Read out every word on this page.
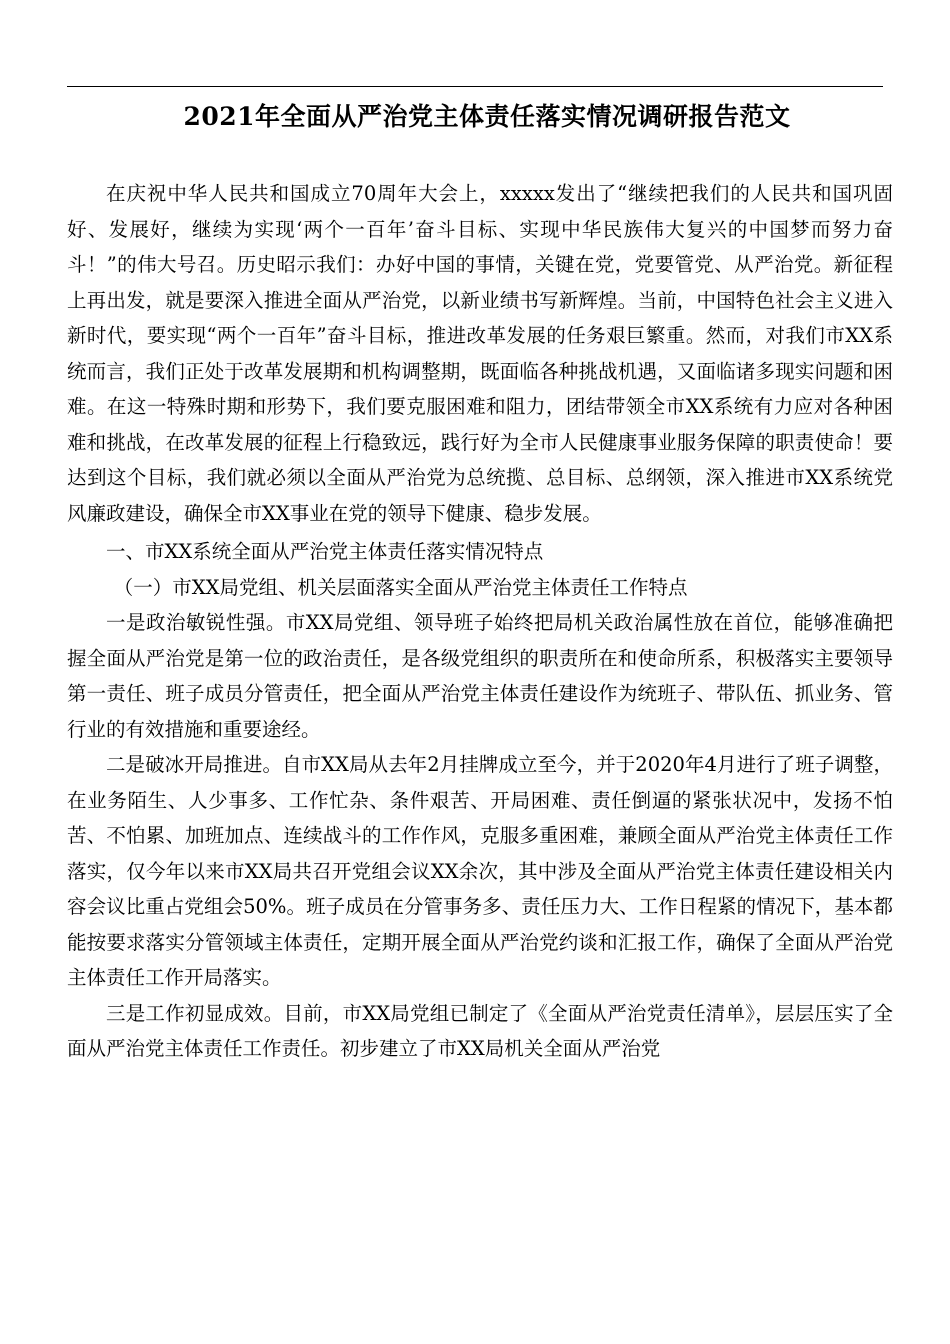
2021年全面从严治党主体责任落实情况调研报告范文

在庆祝中华人民共和国成立70周年大会上，xxxxx发出了“继续把我们的人民共和国巩固好、发展好，继续为实现‘两个一百年’奋斗目标、实现中华民族伟大复兴的中国梦而努力奋斗！”的伟大号召。历史昭示我们：办好中国的事情，关键在党，党要管党、从严治党。新征程上再出发，就是要深入推进全面从严治党，以新业绩书写新辉煌。当前，中国特色社会主义进入新时代，要实现“两个一百年”奋斗目标，推进改革发展的任务艰巨繁重。然而，对我们市XX系统而言，我们正处于改革发展期和机构调整期，既面临各种挑战机遇，又面临诸多现实问题和困难。在这一特殊时期和形势下，我们要克服困难和阻力，团结带领全市XX系统有力应对各种困难和挑战，在改革发展的征程上行稳致远，践行好为全市人民健康事业服务保障的职责使命！要达到这个目标，我们就必须以全面从严治党为总统揽、总目标、总纲领，深入推进市XX系统党风廉政建设，确保全市XX事业在党的领导下健康、稳步发展。

一、市XX系统全面从严治党主体责任落实情况特点

（一）市XX局党组、机关层面落实全面从严治党主体责任工作特点

一是政治敏锐性强。市XX局党组、领导班子始终把局机关政治属性放在首位，能够准确把握全面从严治党是第一位的政治责任，是各级党组织的职责所在和使命所系，积极落实主要领导第一责任、班子成员分管责任，把全面从严治党主体责任建设作为统班子、带队伍、抓业务、管行业的有效措施和重要途经。

二是破冰开局推进。自市XX局从去年2月挂牌成立至今，并于2020年4月进行了班子调整，在业务陌生、人少事多、工作忙杂、条件艰苦、开局困难、责任倒逼的紧张状况中，发扬不怕苦、不怕累、加班加点、连续战斗的工作作风，克服多重困难，兼顾全面从严治党主体责任工作落实，仅今年以来市XX局共召开党组会议XX余次，其中涉及全面从严治党主体责任建设相关内容会议比重占党组会50%。班子成员在分管事务多、责任压力大、工作日程紧的情况下，基本都能按要求落实分管领域主体责任，定期开展全面从严治党约谈和汇报工作，确保了全面从严治党主体责任工作开局落实。

三是工作初显成效。目前，市XX局党组已制定了《全面从严治党责任清单》，层层压实了全面从严治党主体责任工作责任。初步建立了市XX局机关全面从严治党
